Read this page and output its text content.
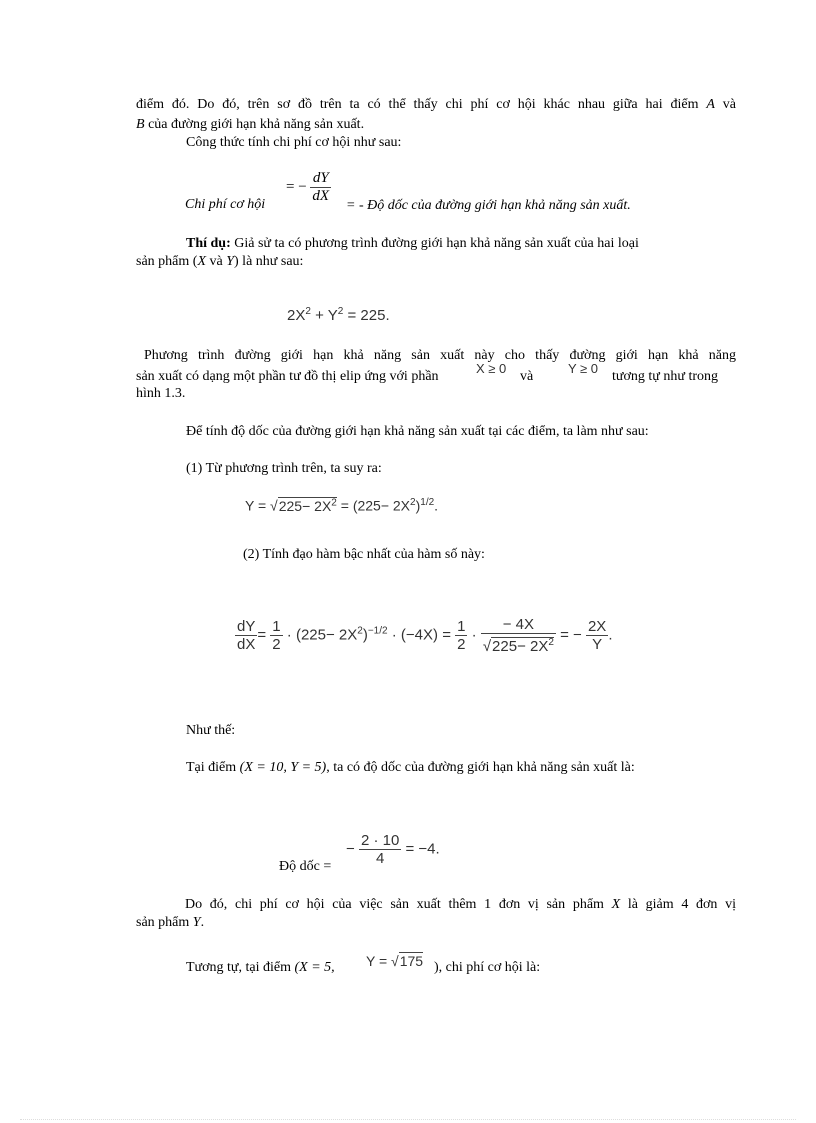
điểm đó. Do đó, trên sơ đồ trên ta có thể thấy chi phí cơ hội khác nhau giữa hai điểm A và

B của đường giới hạn khả năng sản xuất.

Công thức tính chi phí cơ hội như sau:

Chi phí cơ hội

= − $\frac{dY}{dX}$

= - Độ dốc của đường giới hạn khả năng sản xuất.

Thí dụ: Giả sử ta có phương trình đường giới hạn khả năng sản xuất của hai loại

sản phẩm (X và Y) là như sau:

$2X^2 + Y^2 = 225$.

Phương trình đường giới hạn khả năng sản xuất này cho thấy đường giới hạn khả năng

sản xuất có dạng một phần tư đồ thị elip ứng với phần

X ≥ 0
và
Y ≥ 0
tương tự như trong

hình 1.3.

Để tính độ dốc của đường giới hạn khả năng sản xuất tại các điểm, ta làm như sau:

(1) Từ phương trình trên, ta suy ra:

$Y = √225- 2X^2 = (225- 2X^2)^{1/2}$.

(2) Tính đạo hàm bậc nhất của hàm số này:

$\frac{dY}{dX} = \frac{1}{2} \cdot (225- 2X^2)^{-1/2} \cdot (-4X) = \frac{1}{2} \cdot \frac{- 4X}{√225- 2X^2}$ = − $\frac{2X}{Y}$ .

Như thế:

Tại điểm (X = 10, Y = 5), ta có độ dốc của đường giới hạn khả năng sản xuất là:

Độ dốc =

− $\frac{2 \cdot 10}{4} = -4$.

Do đó, chi phí cơ hội của việc sản xuất thêm 1 đơn vị sản phẩm X là giảm 4 đơn vị

sản phẩm Y.

Tương tự, tại điểm (X = 5, Y = √175 ), chi phí cơ hội là:
